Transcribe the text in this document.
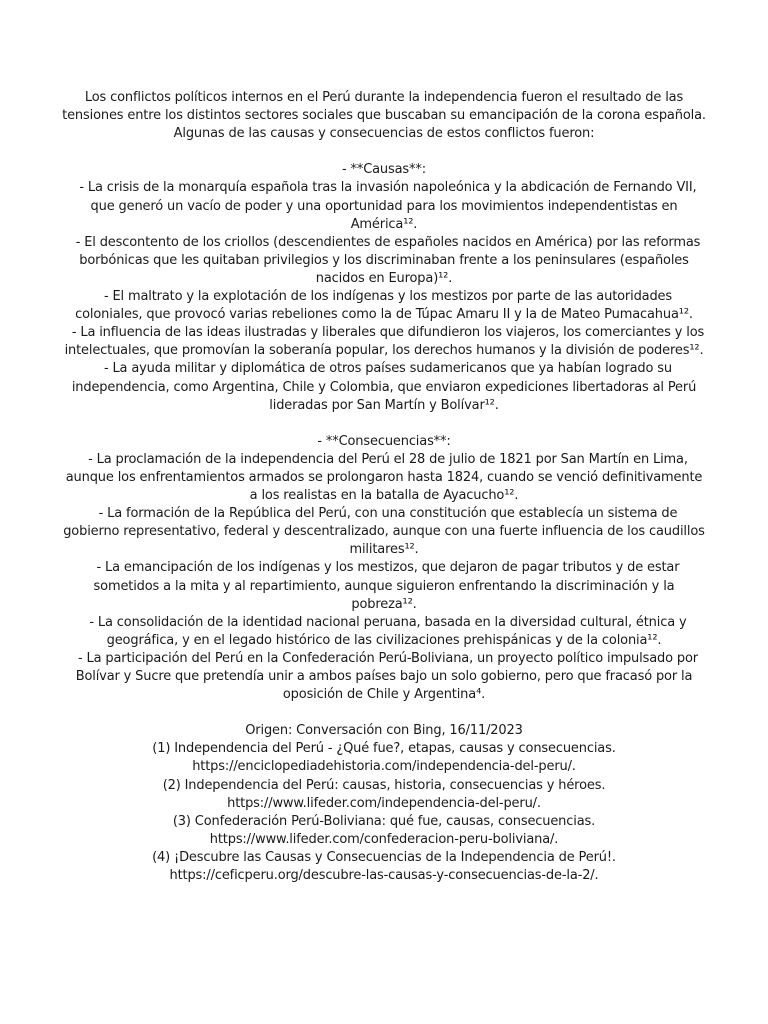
Los conflictos políticos internos en el Perú durante la independencia fueron el resultado de las
tensiones entre los distintos sectores sociales que buscaban su emancipación de la corona española.
Algunas de las causas y consecuencias de estos conflictos fueron:
- **Causas**:
- La crisis de la monarquía española tras la invasión napoleónica y la abdicación de Fernando VII,
que generó un vacío de poder y una oportunidad para los movimientos independentistas en
América¹².
- El descontento de los criollos (descendientes de españoles nacidos en América) por las reformas
borbónicas que les quitaban privilegios y los discriminaban frente a los peninsulares (españoles
nacidos en Europa)¹².
- El maltrato y la explotación de los indígenas y los mestizos por parte de las autoridades
coloniales, que provocó varias rebeliones como la de Túpac Amaru II y la de Mateo Pumacahua¹².
- La influencia de las ideas ilustradas y liberales que difundieron los viajeros, los comerciantes y los
intelectuales, que promovían la soberanía popular, los derechos humanos y la división de poderes¹².
- La ayuda militar y diplomática de otros países sudamericanos que ya habían logrado su
independencia, como Argentina, Chile y Colombia, que enviaron expediciones libertadoras al Perú
lideradas por San Martín y Bolívar¹².
- **Consecuencias**:
- La proclamación de la independencia del Perú el 28 de julio de 1821 por San Martín en Lima,
aunque los enfrentamientos armados se prolongaron hasta 1824, cuando se venció definitivamente
a los realistas en la batalla de Ayacucho¹².
- La formación de la República del Perú, con una constitución que establecía un sistema de
gobierno representativo, federal y descentralizado, aunque con una fuerte influencia de los caudillos
militares¹².
- La emancipación de los indígenas y los mestizos, que dejaron de pagar tributos y de estar
sometidos a la mita y al repartimiento, aunque siguieron enfrentando la discriminación y la
pobreza¹².
- La consolidación de la identidad nacional peruana, basada en la diversidad cultural, étnica y
geográfica, y en el legado histórico de las civilizaciones prehispánicas y de la colonia¹².
- La participación del Perú en la Confederación Perú-Boliviana, un proyecto político impulsado por
Bolívar y Sucre que pretendía unir a ambos países bajo un solo gobierno, pero que fracasó por la
oposición de Chile y Argentina⁴.
Origen: Conversación con Bing, 16/11/2023
(1) Independencia del Perú - ¿Qué fue?, etapas, causas y consecuencias.
https://enciclopediadehistoria.com/independencia-del-peru/.
(2) Independencia del Perú: causas, historia, consecuencias y héroes.
https://www.lifeder.com/independencia-del-peru/.
(3) Confederación Perú-Boliviana: qué fue, causas, consecuencias.
https://www.lifeder.com/confederacion-peru-boliviana/.
(4) ¡Descubre las Causas y Consecuencias de la Independencia de Perú!.
https://ceficperu.org/descubre-las-causas-y-consecuencias-de-la-2/.
